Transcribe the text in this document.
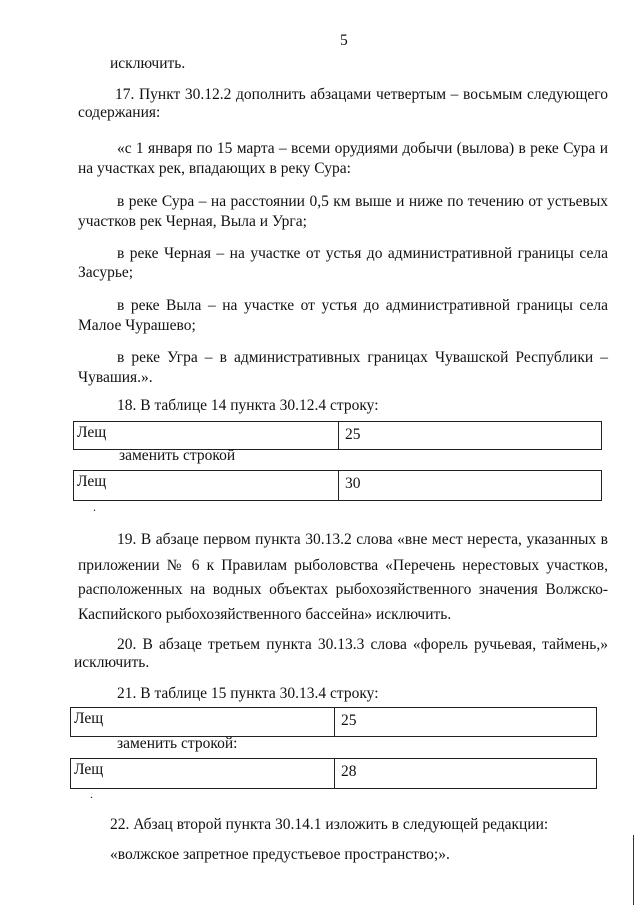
5
исключить.
17. Пункт 30.12.2 дополнить абзацами четвертым – восьмым следующего
содержания:
«с 1 января по 15 марта – всеми орудиями добычи (вылова) в реке Сура и
на участках рек, впадающих в реку Сура:
в реке Сура – на расстоянии 0,5 км выше и ниже по течению от устьевых
участков рек Черная, Выла и Урга;
в реке Черная – на участке от устья до административной границы села
Засурье;
в реке Выла – на участке от устья до административной границы села
Малое Чурашево;
в реке Угра – в административных границах Чувашской Республики –
Чувашия.».
18. В таблице 14 пункта 30.12.4 строку:
Лещ	25
заменить строкой
Лещ	30
.
19. В абзаце первом пункта 30.13.2 слова «вне мест нереста, указанных в
приложении № 6 к Правилам рыболовства «Перечень нерестовых участков,
расположенных на водных объектах рыбохозяйственного значения Волжско-
Каспийского рыбохозяйственного бассейна» исключить.
20. В абзаце третьем пункта 30.13.3 слова «форель ручьевая, таймень,»
исключить.
21. В таблице 15 пункта 30.13.4 строку:
Лещ	25
заменить строкой:
Лещ	28
.
22. Абзац второй пункта 30.14.1 изложить в следующей редакции:
«волжское запретное предустьевое пространство;».
